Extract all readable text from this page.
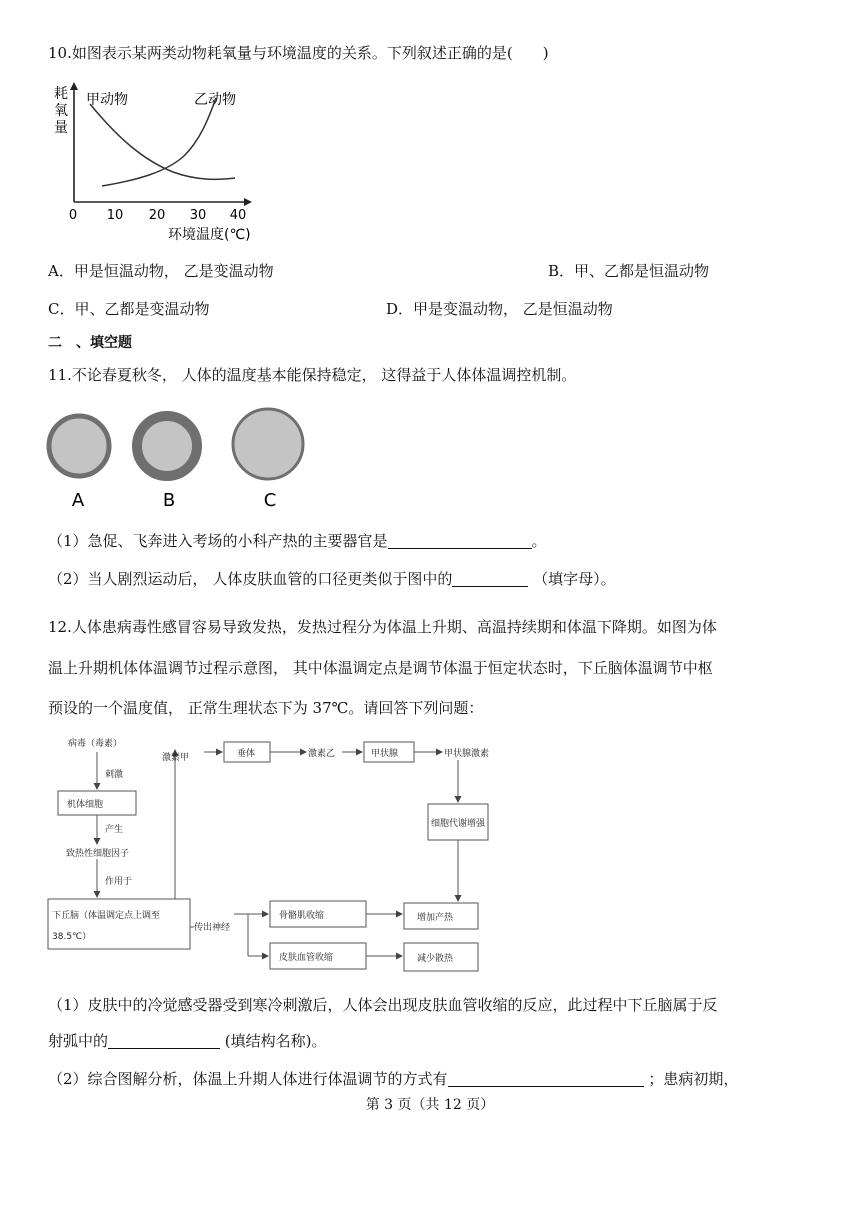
10.如图表示某两类动物耗氧量与环境温度的关系。下列叙述正确的是(　　)
耗
氧
量
甲动物	乙动物
0 10 20 30 40
环境温度(℃)
A．甲是恒温动物， 乙是变温动物	B．甲、乙都是恒温动物
C．甲、乙都是变温动物	D．甲是变温动物， 乙是恒温动物
二　、填空题
11.不论春夏秋冬， 人体的温度基本能保持稳定， 这得益于人体体温调控机制。
A	B	C
（1）急促、飞奔进入考场的小科产热的主要器官是	。
（2）当人剧烈运动后， 人体皮肤血管的口径更类似于图中的	（填字母）。
12.人体患病毒性感冒容易导致发热，发热过程分为体温上升期、高温持续期和体温下降期。如图为体
温上升期机体体温调节过程示意图， 其中体温调定点是调节体温于恒定状态时，下丘脑体温调节中枢
预设的一个温度值， 正常生理状态下为 37℃。请回答下列问题：
病毒（毒素）
刺激
机体细胞
产生
致热性细胞因子
作用于
下丘脑（体温调定点上调至
38.5℃）
激素甲	垂体	激素乙	甲状腺	甲状腺激素
细胞代谢增强
传出神经
骨骼肌收缩
皮肤血管收缩
增加产热
减少散热
（1）皮肤中的冷觉感受器受到寒冷刺激后，人体会出现皮肤血管收缩的反应，此过程中下丘脑属于反
射弧中的	(填结构名称)。
（2）综合图解分析，体温上升期人体进行体温调节的方式有	；患病初期，
第 3 页（共 12 页）
